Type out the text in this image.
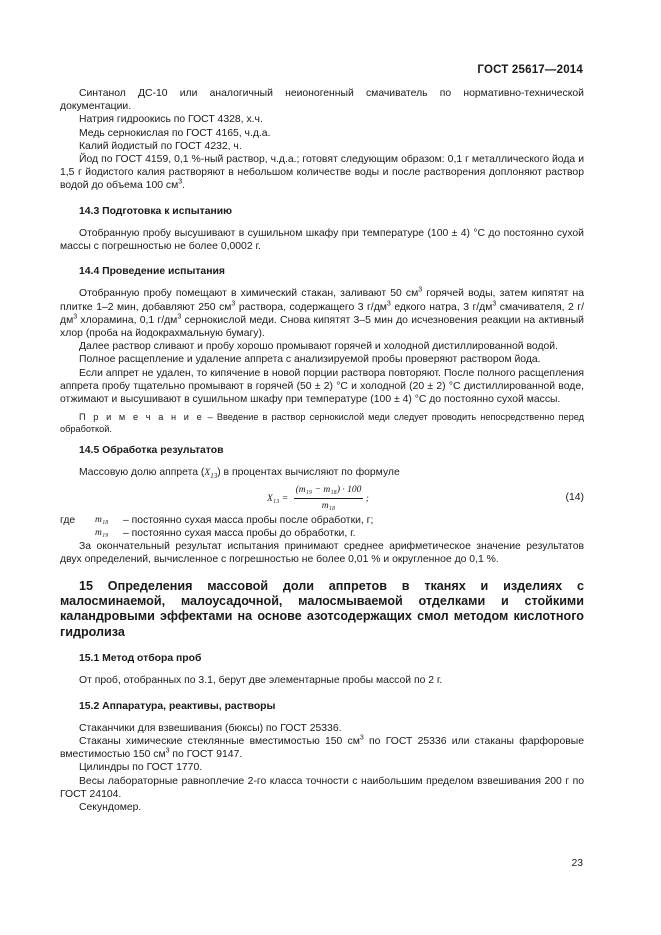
ГОСТ 25617—2014

Синтанол ДС-10 или аналогичный неионогенный смачиватель по нормативно-технической документации.

Натрия гидроокись по ГОСТ 4328, х.ч.

Медь сернокислая по ГОСТ 4165, ч.д.а.

Калий йодистый по ГОСТ 4232, ч.

Йод по ГОСТ 4159, 0,1 %-ный раствор, ч.д.а.; готовят следующим образом: 0,1 г металлического йода и 1,5 г йодистого калия растворяют в небольшом количестве воды и после растворения доплоняют раствор водой до объема 100 $см^3$.

14.3 Подготовка к испытанию

Отобранную пробу высушивают в сушильном шкафу при температуре (100 ± 4) °С до постоянно сухой массы с погрешностью не более 0,0002 г.

14.4 Проведение испытания

Отобранную пробу помещают в химический стакан, заливают 50 $см^3$ горячей воды, затем кипятят на плитке 1–2 мин, добавляют 250 $см^3$ раствора, содержащего 3 $г/дм^3$ едкого натра, 3 $г/дм^3$ смачивателя, 2 $г/дм^3$ хлорамина, 0,1 $г/дм^3$ сернокислой меди. Снова кипятят 3–5 мин до исчезновения реакции на активный хлор (проба на йодокрахмальную бумагу).

Далее раствор сливают и пробу хорошо промывают горячей и холодной дистиллированной водой.

Полное расщепление и удаление аппрета с анализируемой пробы проверяют раствором йода.

Если аппрет не удален, то кипячение в новой порции раствора повторяют. После полного расщепления аппрета пробу тщательно промывают в горячей (50 ± 2) °С и холодной (20 ± 2) °С дистиллированной воде, отжимают и высушивают в сушильном шкафу при температуре (100 ± 4) °С до постоянно сухой массы.

П р и м е ч а н и е – Введение в раствор сернокислой меди следует проводить непосредственно перед обработкой.

14.5 Обработка результатов

Массовую долю аппрета $(X_{13})$ в процентах вычисляют по формуле

$X_{13} = \frac{\text{(m₁₉ − m₁₈) · 100}}{\text{m₁₈}}$ ;	(14)
где	m₁₈	– постоянно сухая масса пробы после обработки, г;
m₁₉	– постоянно сухая масса пробы до обработки, г.

За окончательный результат испытания принимают среднее арифметическое значение результатов двух определений, вычисленное с погрешностью не более 0,01 % и округленное до 0,1 %.

15 Определения массовой доли аппретов в тканях и изделиях с малосминаемой, малоусадочной, малосмываемой отделками и стойкими каландровыми эффектами на основе азотсодержащих смол методом кислотного гидролиза

15.1 Метод отбора проб

От проб, отобранных по 3.1, берут две элементарные пробы массой по 2 г.

15.2 Аппаратура, реактивы, растворы

Стаканчики для взвешивания (бюксы) по ГОСТ 25336.

Стаканы химические стеклянные вместимостью 150 $см^3$ по ГОСТ 25336 или стаканы фарфоровые вместимостью 150 $см^3$ по ГОСТ 9147.

Цилиндры по ГОСТ 1770.

Весы лабораторные равноплечие 2-го класса точности с наибольшим пределом взвешивания 200 г по ГОСТ 24104.

Секундомер.

23
